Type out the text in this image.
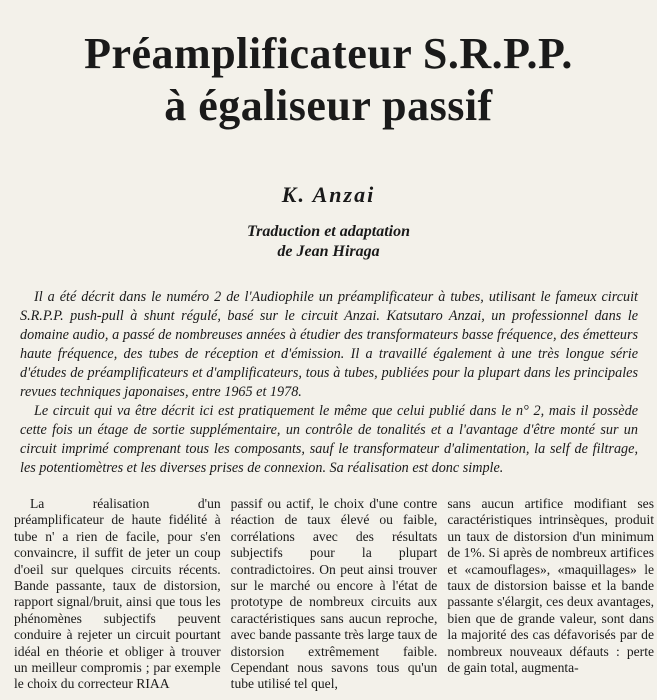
Préamplificateur S.R.P.P.
à égaliseur passif
K. Anzai
Traduction et adaptation
de Jean Hiraga

Il a été décrit dans le numéro 2 de l'Audiophile un préamplificateur à tubes, utilisant le fameux circuit S.R.P.P. push-pull à shunt régulé, basé sur le circuit Anzai. Katsutaro Anzai, un professionnel dans le domaine audio, a passé de nombreuses années à étudier des transformateurs basse fréquence, des émetteurs haute fréquence, des tubes de réception et d'émission. Il a travaillé également à une très longue série d'études de préamplificateurs et d'amplificateurs, tous à tubes, publiées pour la plupart dans les principales revues techniques japonaises, entre 1965 et 1978.

Le circuit qui va être décrit ici est pratiquement le même que celui publié dans le n° 2, mais il possède cette fois un étage de sortie supplémentaire, un contrôle de tonalités et a l'avantage d'être monté sur un circuit imprimé comprenant tous les composants, sauf le transformateur d'alimentation, la self de filtrage, les potentiomètres et les diverses prises de connexion. Sa réalisation est donc simple.

La réalisation d'un préamplificateur de haute fidélité à tube n' a rien de facile, pour s'en convaincre, il suffit de jeter un coup d'oeil sur quelques circuits récents. Bande passante, taux de distorsion, rapport signal/bruit, ainsi que tous les phénomènes subjectifs peuvent conduire à rejeter un circuit pourtant idéal en théorie et obliger à trouver un meilleur compromis ; par exemple le choix du correcteur RIAA

passif ou actif, le choix d'une contre réaction de taux élevé ou faible, corrélations avec des résultats subjectifs pour la plupart contradictoires. On peut ainsi trouver sur le marché ou encore à l'état de prototype de nombreux circuits aux caractéristiques sans aucun reproche, avec bande passante très large taux de distorsion extrêmement faible. Cependant nous savons tous qu'un tube utilisé tel quel,

sans aucun artifice modifiant ses caractéristiques intrinsèques, produit un taux de distorsion d'un minimum de 1%. Si après de nombreux artifices et «camouflages», «maquillages» le taux de distorsion baisse et la bande passante s'élargit, ces deux avantages, bien que de grande valeur, sont dans la majorité des cas défavorisés par de nombreux nouveaux défauts : perte de gain total, augmenta-
